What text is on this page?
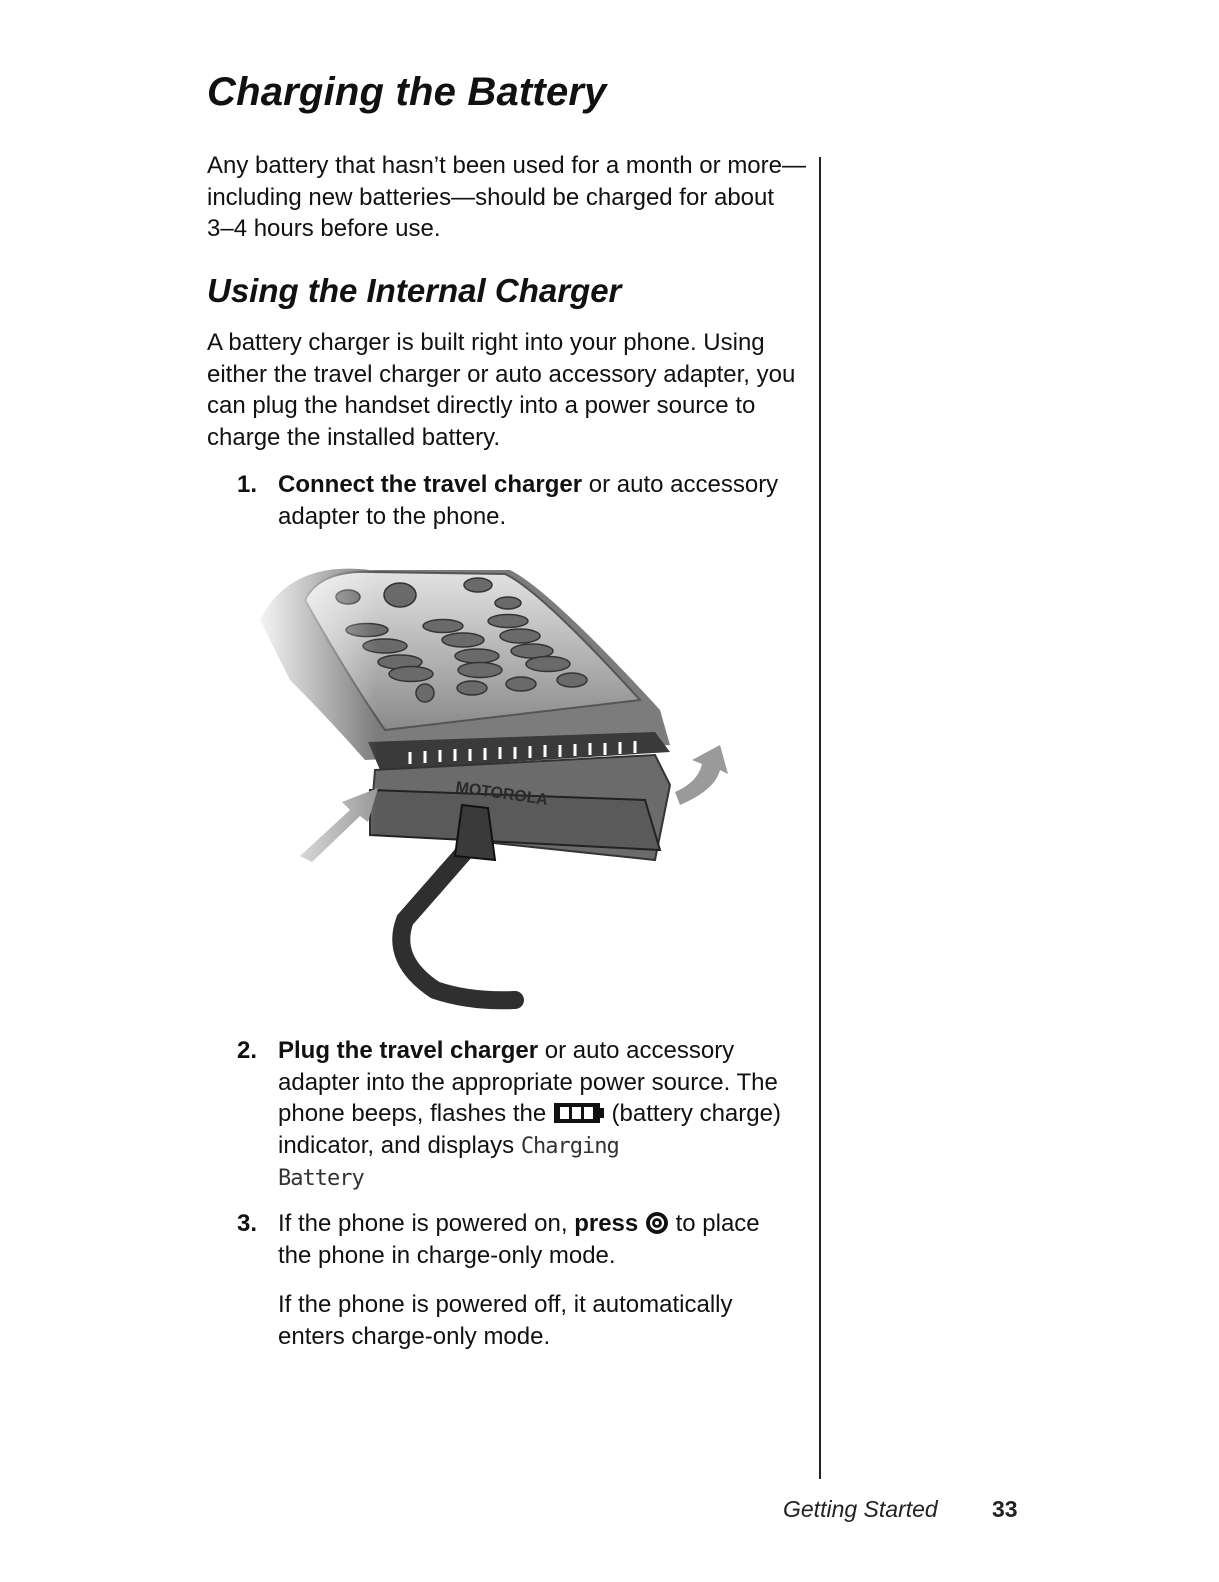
Charging the Battery

Any battery that hasn’t been used for a month or more—including new batteries—should be charged for about 3–4 hours before use.

Using the Internal Charger

A battery charger is built right into your phone. Using either the travel charger or auto accessory adapter, you can plug the handset directly into a power source to charge the installed battery.

1. Connect the travel charger or auto accessory adapter to the phone.
2. Plug the travel charger or auto accessory adapter into the appropriate power source. The phone beeps, flashes the  (battery charge) indicator, and displays Charging
Battery
3. If the phone is powered on, press  to place the phone in charge-only mode.
If the phone is powered off, it automatically enters charge-only mode.
Getting Started 33
